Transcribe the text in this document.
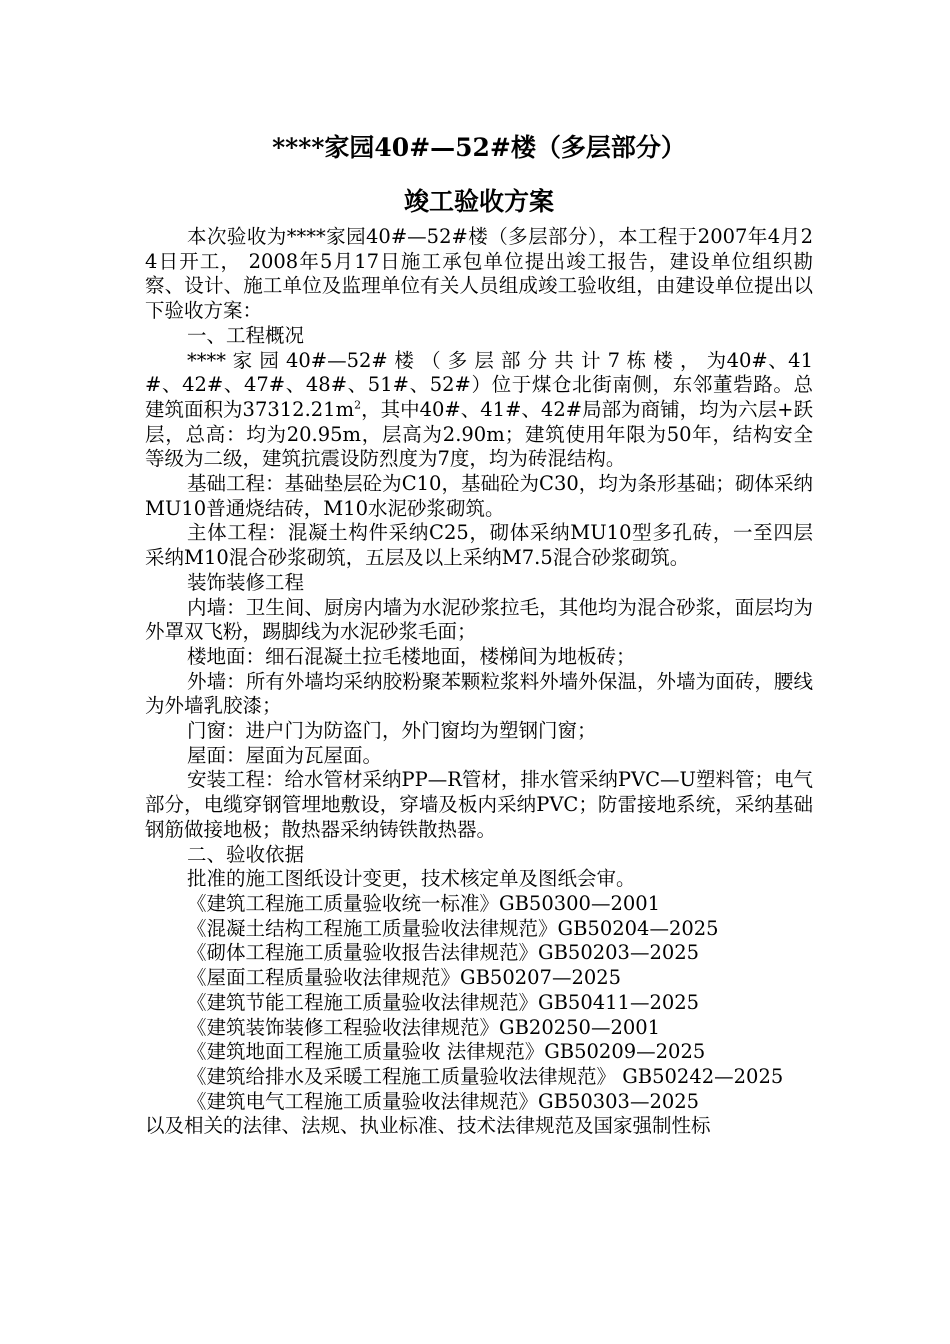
****家园40#—52#楼（多层部分）
竣工验收方案

本次验收为****家园40#—52#楼（多层部分），本工程于2007年4月24日开工， 2008年5月17日施工承包单位提出竣工报告，建设单位组织勘察、设计、施工单位及监理单位有关人员组成竣工验收组，由建设单位提出以下验收方案：

一、工程概况

**** 家 园 40#—52# 楼 （ 多 层 部 分 共 计 7 栋 楼 ， 为40#、41#、42#、47#、48#、51#、52#）位于煤仓北街南侧，东邻董砦路。总建筑面积为$37312.21m^2$，其中40#、41#、42#局部为商铺，均为六层+跃层，总高：均为20.95m，层高为2.90m；建筑使用年限为50年，结构安全等级为二级，建筑抗震设防烈度为7度，均为砖混结构。

基础工程：基础垫层砼为C10，基础砼为C30，均为条形基础；砌体采纳MU10普通烧结砖，M10水泥砂浆砌筑。

主体工程：混凝土构件采纳C25，砌体采纳MU10型多孔砖，一至四层采纳M10混合砂浆砌筑，五层及以上采纳M7.5混合砂浆砌筑。

装饰装修工程

内墙：卫生间、厨房内墙为水泥砂浆拉毛，其他均为混合砂浆，面层均为外罩双飞粉，踢脚线为水泥砂浆毛面；

楼地面：细石混凝土拉毛楼地面，楼梯间为地板砖；

外墙：所有外墙均采纳胶粉聚苯颗粒浆料外墙外保温，外墙为面砖，腰线为外墙乳胶漆；

门窗：进户门为防盗门，外门窗均为塑钢门窗；

屋面：屋面为瓦屋面。

安装工程：给水管材采纳PP—R管材，排水管采纳PVC—U塑料管；电气部分，电缆穿钢管埋地敷设，穿墙及板内采纳PVC；防雷接地系统，采纳基础钢筋做接地极；散热器采纳铸铁散热器。

二、验收依据

批准的施工图纸设计变更，技术核定单及图纸会审。

《建筑工程施工质量验收统一标准》GB50300—2001

《混凝土结构工程施工质量验收法律规范》GB50204—2025

《砌体工程施工质量验收报告法律规范》GB50203—2025

《屋面工程质量验收法律规范》GB50207—2025

《建筑节能工程施工质量验收法律规范》GB50411—2025

《建筑装饰装修工程验收法律规范》GB20250—2001

《建筑地面工程施工质量验收 法律规范》GB50209—2025

《建筑给排水及采暖工程施工质量验收法律规范》 GB50242—2025

《建筑电气工程施工质量验收法律规范》GB50303—2025

以及相关的法律、法规、执业标准、技术法律规范及国家强制性标
